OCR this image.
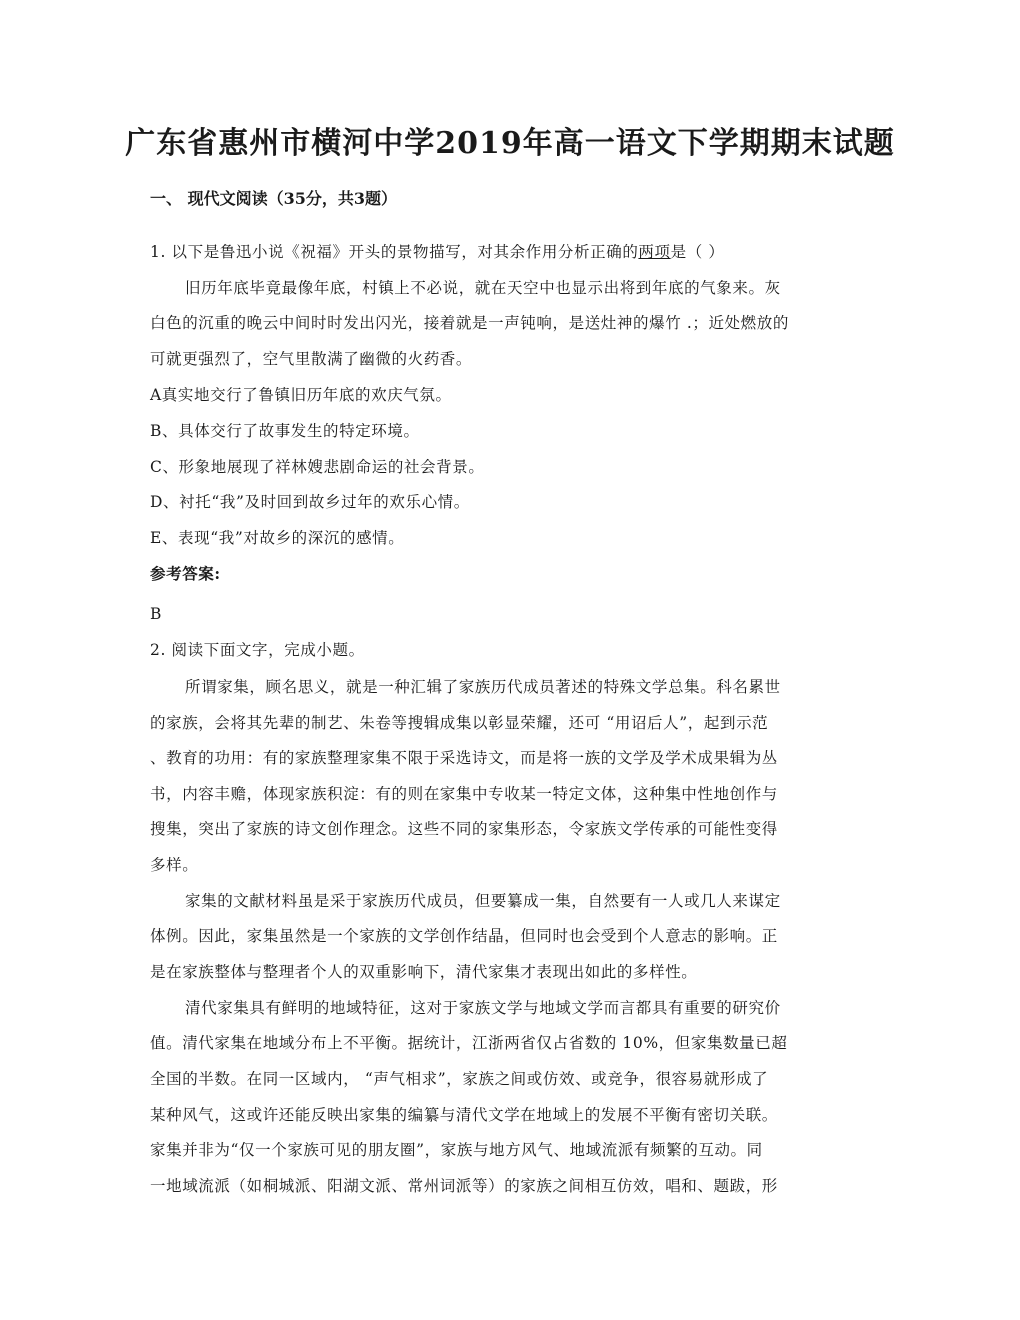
广东省惠州市横河中学2019年高一语文下学期期末试题
一、 现代文阅读（35分，共3题）
1. 以下是鲁迅小说《祝福》开头的景物描写，对其余作用分析正确的两项是（ ）
旧历年底毕竟最像年底，村镇上不必说，就在天空中也显示出将到年底的气象来。灰
白色的沉重的晚云中间时时发出闪光，接着就是一声钝响，是送灶神的爆竹 .；近处燃放的
可就更强烈了，空气里散满了幽微的火药香。
A真实地交行了鲁镇旧历年底的欢庆气氛。
B、具体交行了故事发生的特定环境。
C、形象地展现了祥林嫂悲剧命运的社会背景。
D、衬托“我”及时回到故乡过年的欢乐心情。
E、表现“我”对故乡的深沉的感情。
参考答案:
B
2. 阅读下面文字，完成小题。
所谓家集，顾名思义，就是一种汇辑了家族历代成员著述的特殊文学总集。科名累世
的家族，会将其先辈的制艺、朱卷等搜辑成集以彰显荣耀，还可 “用诏后人”，起到示范
、教育的功用：有的家族整理家集不限于采选诗文，而是将一族的文学及学术成果辑为丛
书，内容丰赡，体现家族积淀：有的则在家集中专收某一特定文体，这种集中性地创作与
搜集，突出了家族的诗文创作理念。这些不同的家集形态，令家族文学传承的可能性变得
多样。
家集的文献材料虽是采于家族历代成员，但要纂成一集，自然要有一人或几人来谋定
体例。因此，家集虽然是一个家族的文学创作结晶，但同时也会受到个人意志的影响。正
是在家族整体与整理者个人的双重影响下，清代家集才表现出如此的多样性。
清代家集具有鲜明的地域特征，这对于家族文学与地域文学而言都具有重要的研究价
值。清代家集在地域分布上不平衡。据统计，江浙两省仅占省数的 10%，但家集数量已超
全国的半数。在同一区域内， “声气相求”，家族之间或仿效、或竞争，很容易就形成了
某种风气，这或许还能反映出家集的编纂与清代文学在地域上的发展不平衡有密切关联。
家集并非为“仅一个家族可见的朋友圈”，家族与地方风气、地域流派有频繁的互动。同
一地域流派（如桐城派、阳湖文派、常州词派等）的家族之间相互仿效，唱和、题跋，形
